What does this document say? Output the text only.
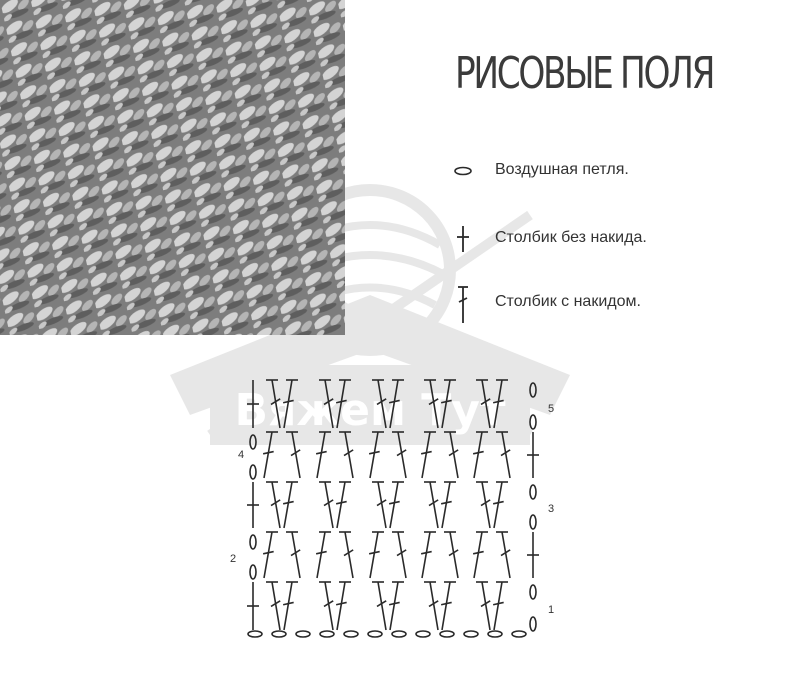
Вяжем Тут
РИСОВЫЕ ПОЛЯ
Воздушная петля.
Столбик без накида.
Столбик с накидом.
4
2
5
3
1
